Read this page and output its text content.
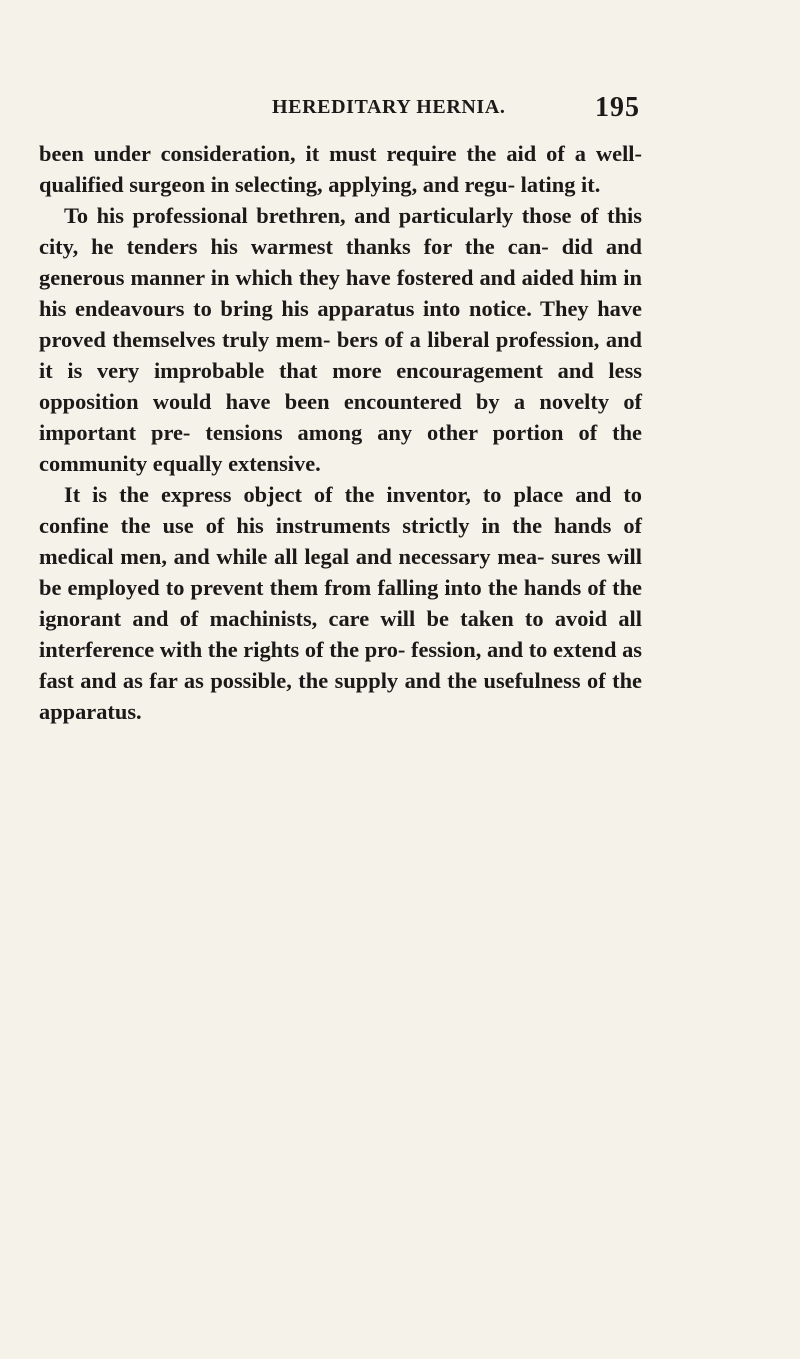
HEREDITARY HERNIA.	195

been under consideration, it must require the aid of a well-qualified surgeon in selecting, applying, and regu- lating it.

To his professional brethren, and particularly those of this city, he tenders his warmest thanks for the can- did and generous manner in which they have fostered and aided him in his endeavours to bring his apparatus into notice. They have proved themselves truly mem- bers of a liberal profession, and it is very improbable that more encouragement and less opposition would have been encountered by a novelty of important pre- tensions among any other portion of the community equally extensive.

It is the express object of the inventor, to place and to confine the use of his instruments strictly in the hands of medical men, and while all legal and necessary mea- sures will be employed to prevent them from falling into the hands of the ignorant and of machinists, care will be taken to avoid all interference with the rights of the pro- fession, and to extend as fast and as far as possible, the supply and the usefulness of the apparatus.
